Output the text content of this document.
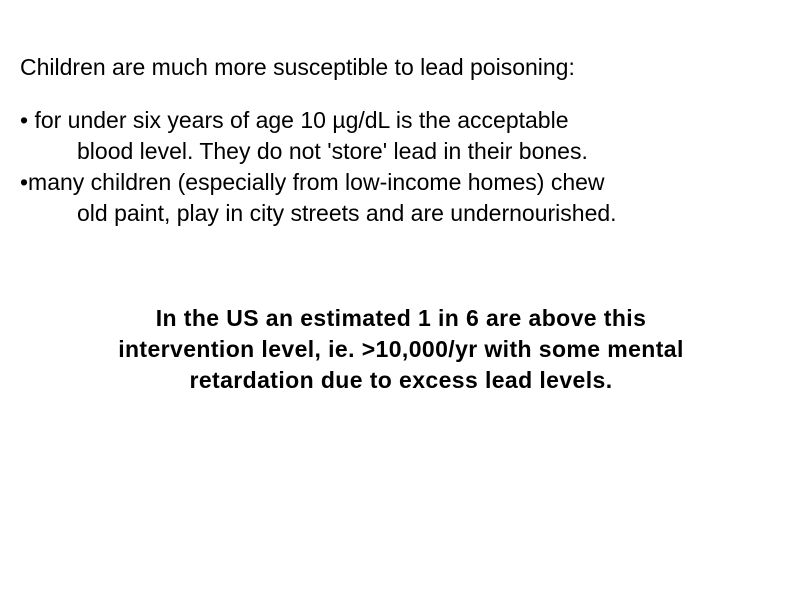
Children are much more susceptible to lead poisoning:
• for under six years of age 10 µg/dL is the acceptable
blood level. They do not 'store' lead in their bones.
•many children (especially from low-income homes) chew
old paint, play in city streets and are undernourished.
In the US an estimated 1 in 6 are above this
intervention level, ie. >10,000/yr with some mental
retardation due to excess lead levels.
